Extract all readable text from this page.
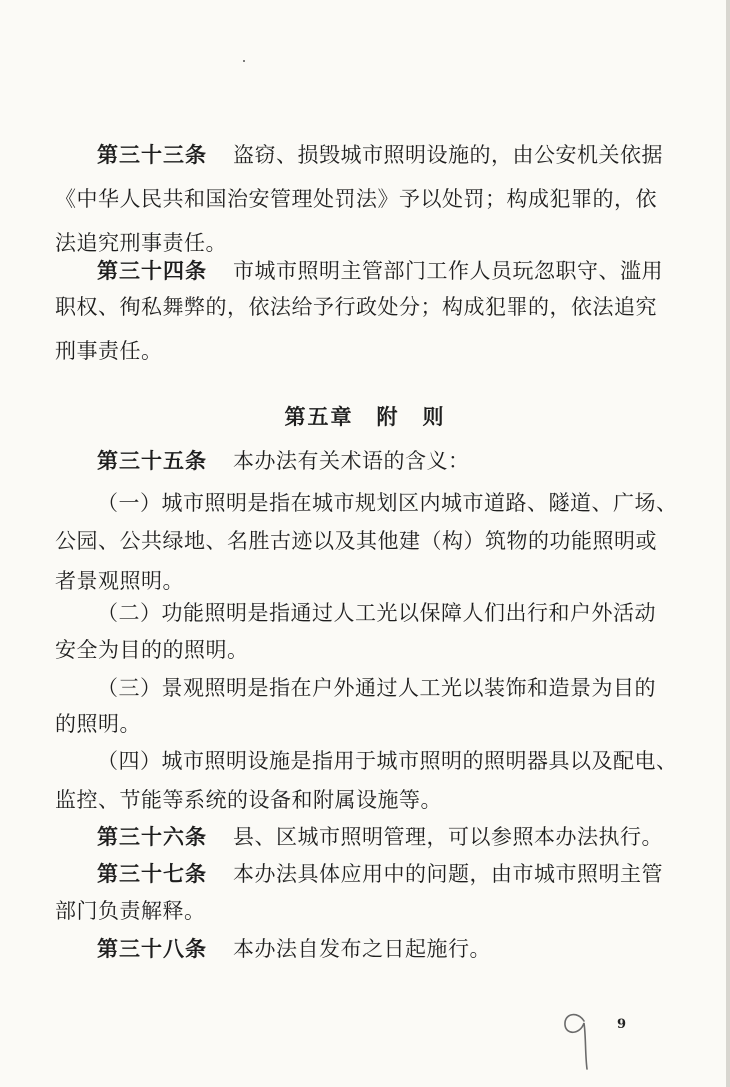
第三十三条 盗窃、损毁城市照明设施的，由公安机关依据
《中华人民共和国治安管理处罚法》予以处罚；构成犯罪的，依
法追究刑事责任。
第三十四条 市城市照明主管部门工作人员玩忽职守、滥用
职权、徇私舞弊的，依法给予行政处分；构成犯罪的，依法追究
刑事责任。
第五章　附　则
第三十五条 本办法有关术语的含义：
（一）城市照明是指在城市规划区内城市道路、隧道、广场、
公园、公共绿地、名胜古迹以及其他建（构）筑物的功能照明或
者景观照明。
（二）功能照明是指通过人工光以保障人们出行和户外活动
安全为目的的照明。
（三）景观照明是指在户外通过人工光以装饰和造景为目的
的照明。
（四）城市照明设施是指用于城市照明的照明器具以及配电、
监控、节能等系统的设备和附属设施等。
第三十六条 县、区城市照明管理，可以参照本办法执行。
第三十七条 本办法具体应用中的问题，由市城市照明主管
部门负责解释。
第三十八条 本办法自发布之日起施行。
9
